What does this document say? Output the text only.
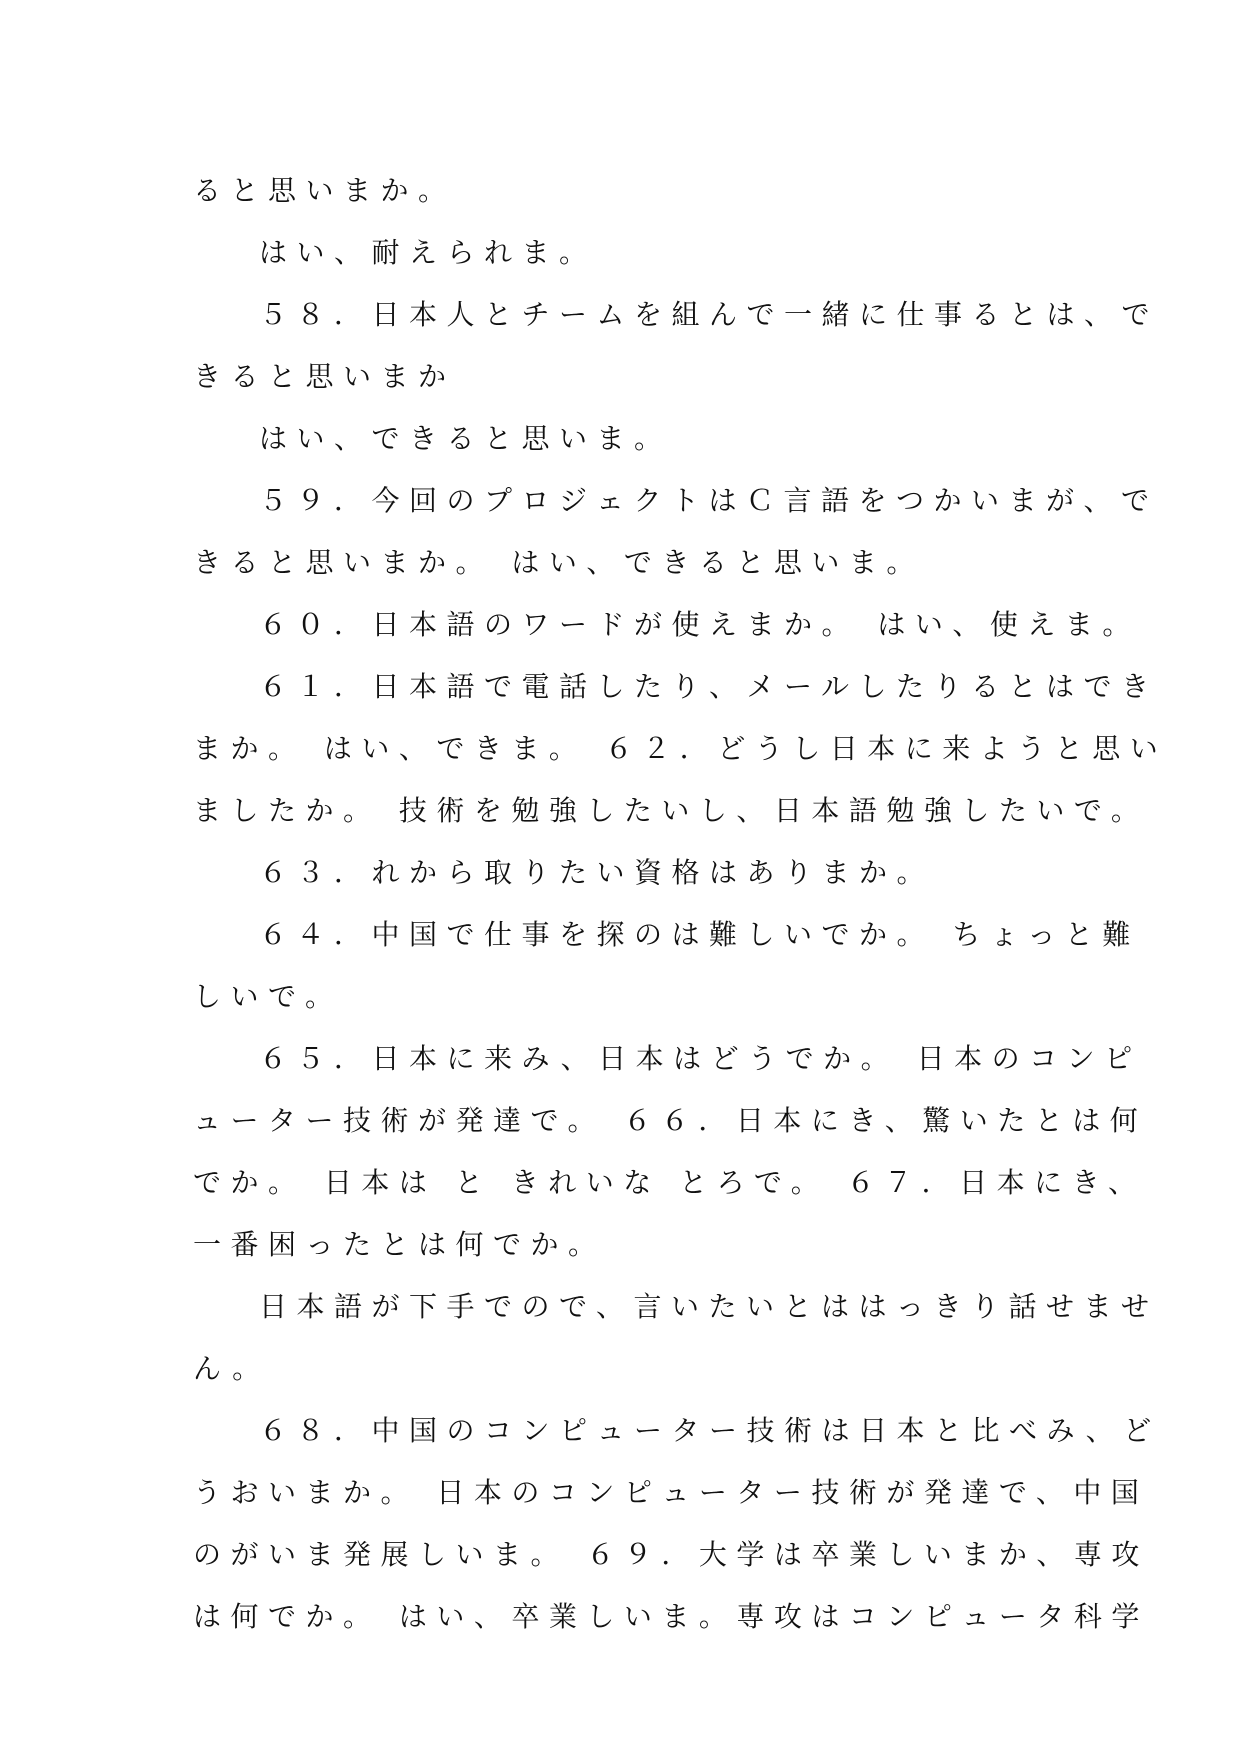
ると思いまか。
はい、耐えられま。
５８．日本人とチームを組んで一緒に仕事るとは、で
きると思いまか
はい、できると思いま。
５９．今回のプロジェクトはＣ言語をつかいまが、で
きると思いまか。 はい、できると思いま。
６０．日本語のワードが使えまか。 はい、使えま。
６１．日本語で電話したり、メールしたりるとはでき
まか。 はい、できま。 ６２．どうし日本に来ようと思い
ましたか。 技術を勉強したいし、日本語勉強したいで。
６３．れから取りたい資格はありまか。
６４．中国で仕事を探のは難しいでか。 ちょっと難
しいで。
６５．日本に来み、日本はどうでか。 日本のコンピ
ューター技術が発達で。 ６６．日本にき、驚いたとは何
でか。 日本は と きれいな とろで。 ６７．日本にき、
一番困ったとは何でか。
日本語が下手でので、言いたいとははっきり話せませ
ん。
６８．中国のコンピューター技術は日本と比べみ、ど
うおいまか。 日本のコンピューター技術が発達で、中国
のがいま発展しいま。 ６９．大学は卒業しいまか、専攻
は何でか。 はい、卒業しいま。専攻はコンピュータ科学
